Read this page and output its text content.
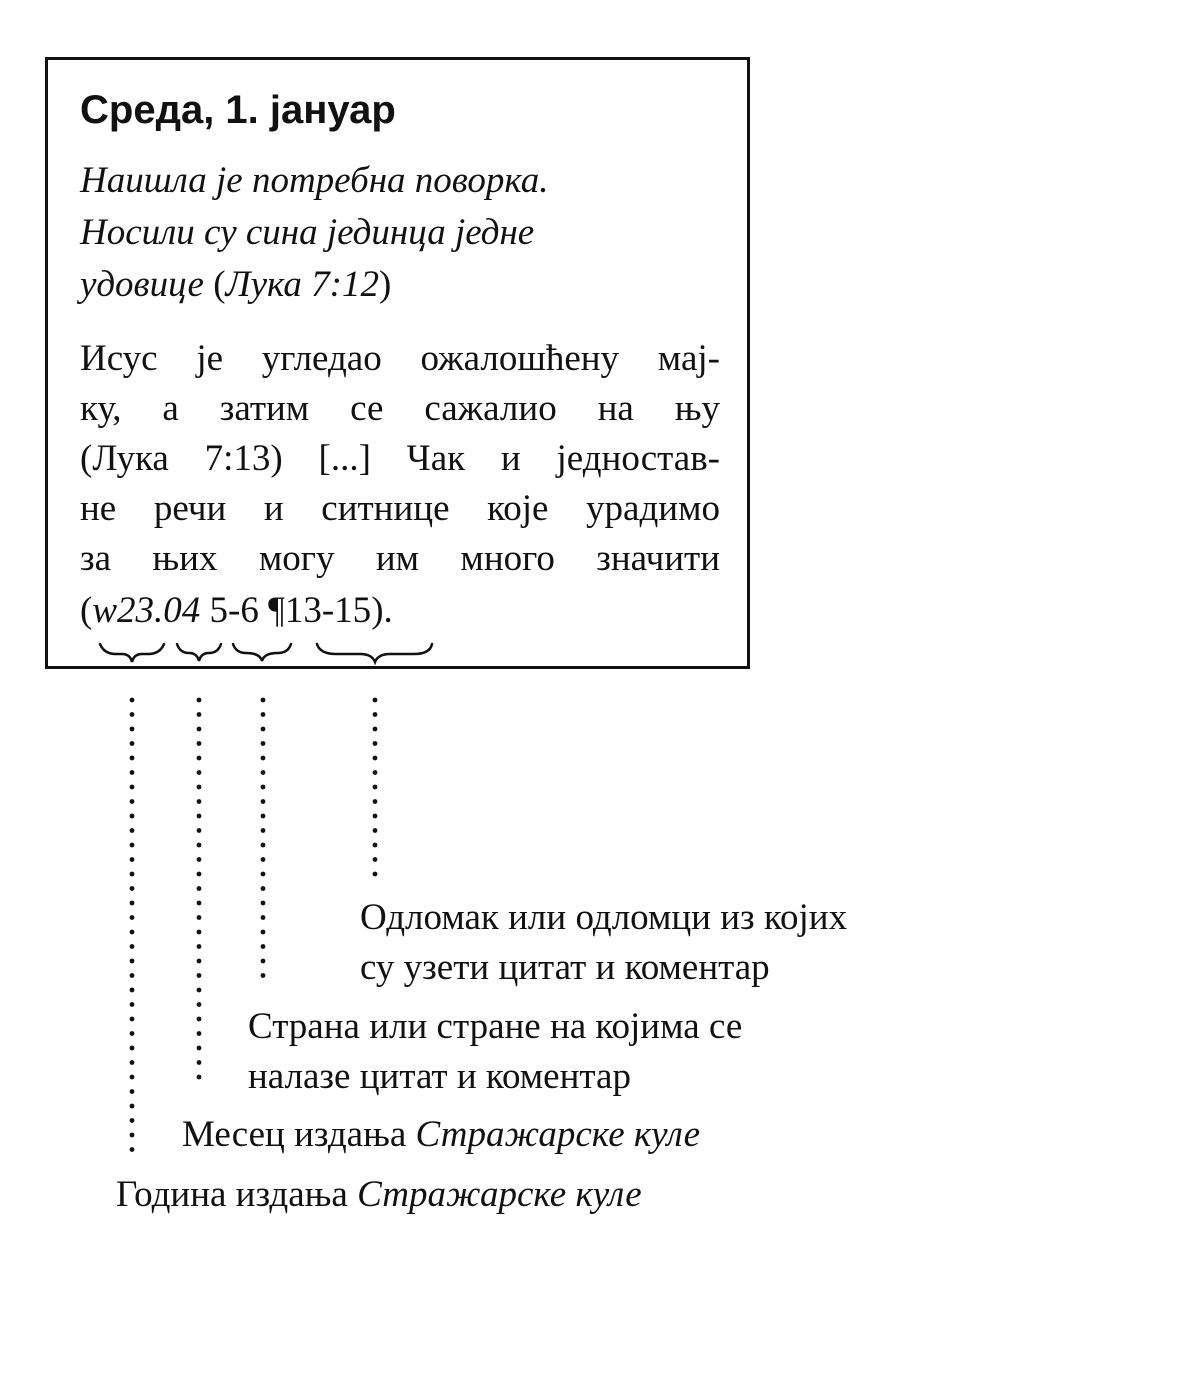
Среда, 1. јануар
Наишла је потребна поворка.
Носили су сина јединца једне
удовице (Лука 7:12)
Исус је угледао ожалошћену мај-
ку, а затим се сажалио на њу
(Лука 7:13) [...] Чак и једностав-
не речи и ситнице које урадимо
за њих могу им много значити
(w23.04 5-6 ¶13-15).
Одломак или одломци из којих
су узети цитат и коментар
Страна или стране на којима се
налазе цитат и коментар
Месец издања Стражарске куле
Година издања Стражарске куле
